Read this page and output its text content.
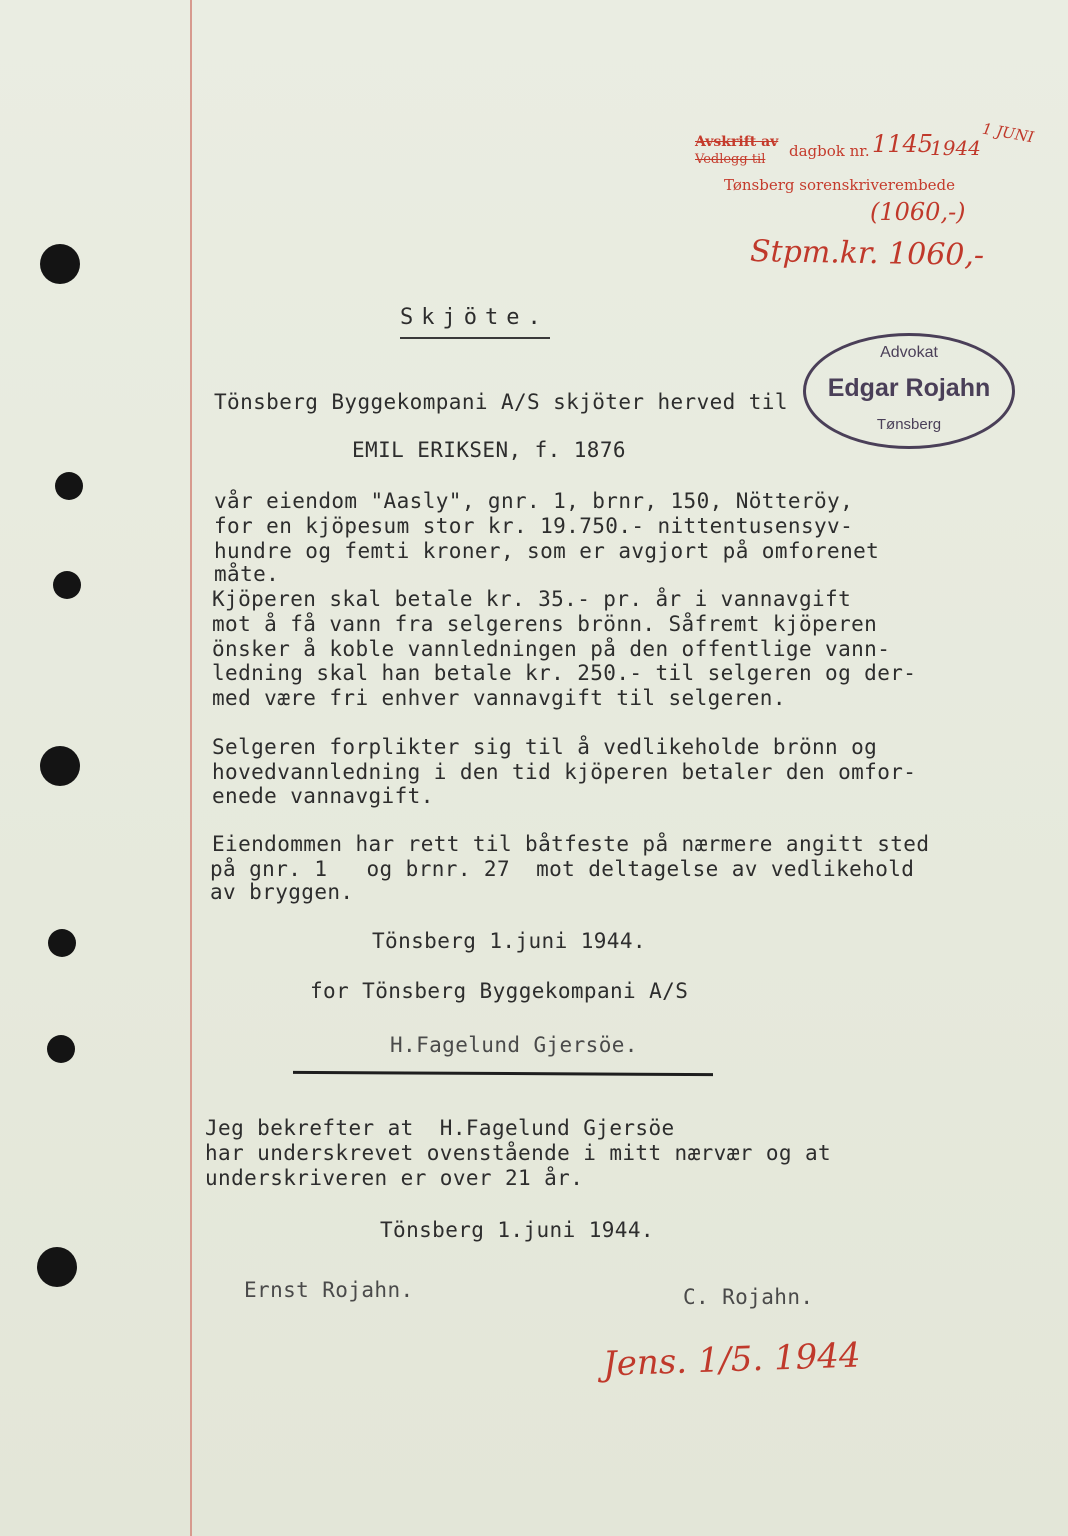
Avskrift av
Vedlegg til dagbok nr. 1145
1944
1 JUNI
Tønsberg sorenskriverembede
(1060,-)
Stpm.kr. 1060,-
Skjöte.
Advokat
Edgar Rojahn
Tønsberg
Tönsberg Byggekompani A/S skjöter herved til
EMIL ERIKSEN, f. 1876
vår eiendom "Aasly", gnr. 1, brnr, 150, Nötteröy,
for en kjöpesum stor kr. 19.750.- nittentusensyv-
hundre og femti kroner, som er avgjort på omforenet
måte.
Kjöperen skal betale kr. 35.- pr. år i vannavgift
mot å få vann fra selgerens brönn. Såfremt kjöperen
önsker å koble vannledningen på den offentlige vann-
ledning skal han betale kr. 250.- til selgeren og der-
med være fri enhver vannavgift til selgeren.
Selgeren forplikter sig til å vedlikeholde brönn og
hovedvannledning i den tid kjöperen betaler den omfor-
enede vannavgift.
Eiendommen har rett til båtfeste på nærmere angitt sted
på gnr. 1   og brnr. 27  mot deltagelse av vedlikehold
av bryggen.
Tönsberg 1.juni 1944.
for Tönsberg Byggekompani A/S
H.Fagelund Gjersöe.
Jeg bekrefter at  H.Fagelund Gjersöe
har underskrevet ovenstående i mitt nærvær og at
underskriveren er over 21 år.
Tönsberg 1.juni 1944.
Ernst Rojahn.	C. Rojahn.
Jens. 1/5. 1944
